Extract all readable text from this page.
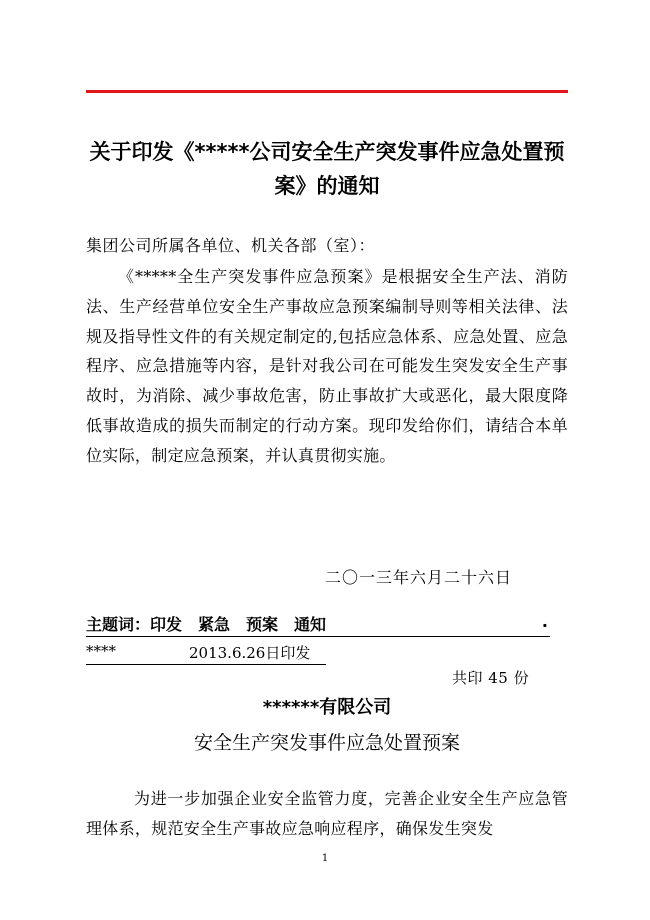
关于印发《*****公司安全生产突发事件应急处置预
案》的通知
集团公司所属各单位、机关各部（室）：

《*****全生产突发事件应急预案》是根据安全生产法、消防法、生产经营单位安全生产事故应急预案编制导则等相关法律、法规及指导性文件的有关规定制定的,包括应急体系、应急处置、应急程序、应急措施等内容，是针对我公司在可能发生突发安全生产事故时，为消除、减少事故危害，防止事故扩大或恶化，最大限度降低事故造成的损失而制定的行动方案。现印发给你们，请结合本单位实际，制定应急预案，并认真贯彻实施。

二〇一三年六月二十六日
主题词：印发　紧急　预案　通知	.
****	2013.6.26日印发
共印 45 份
******有限公司
安全生产突发事件应急处置预案

为进一步加强企业安全监管力度，完善企业安全生产应急管理体系，规范安全生产事故应急响应程序，确保发生突发

1
